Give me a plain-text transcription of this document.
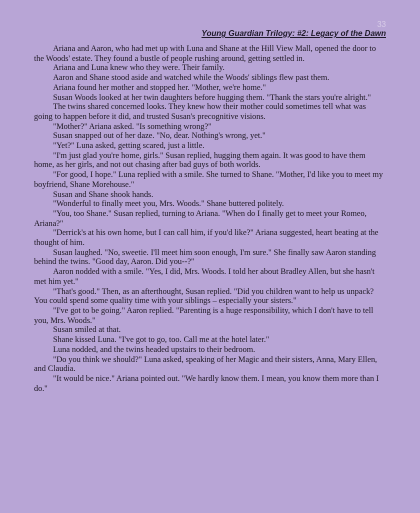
33
Young Guardian Trilogy: #2: Legacy of the Dawn

Ariana and Aaron, who had met up with Luna and Shane at the Hill View Mall, opened the door to the Woods' estate. They found a bustle of people rushing around, getting settled in.

Ariana and Luna knew who they were. Their family.

Aaron and Shane stood aside and watched while the Woods' siblings flew past them.

Ariana found her mother and stopped her. "Mother, we're home."

Susan Woods looked at her twin daughters before hugging them. "Thank the stars you're alright."

The twins shared concerned looks. They knew how their mother could sometimes tell what was going to happen before it did, and trusted Susan's precognitive visions.

"Mother?" Ariana asked. "Is something wrong?"

Susan snapped out of her daze. "No, dear. Nothing's wrong, yet."

"Yet?" Luna asked, getting scared, just a little.

"I'm just glad you're home, girls." Susan replied, hugging them again. It was good to have them home, as her girls, and not out chasing after bad guys of both worlds.

"For good, I hope." Luna replied with a smile. She turned to Shane. "Mother, I'd like you to meet my boyfriend, Shane Morehouse."

Susan and Shane shook hands.

"Wonderful to finally meet you, Mrs. Woods." Shane buttered politely.

"You, too Shane." Susan replied, turning to Ariana. "When do I finally get to meet your Romeo, Ariana?"

"Derrick's at his own home, but I can call him, if you'd like?" Ariana suggested, heart beating at the thought of him.

Susan laughed. "No, sweetie. I'll meet him soon enough, I'm sure." She finally saw Aaron standing behind the twins. "Good day, Aaron. Did you--?"

Aaron nodded with a smile. "Yes, I did, Mrs. Woods. I told her about Bradley Allen, but she hasn't met him yet."

"That's good." Then, as an afterthought, Susan replied. "Did you children want to help us unpack? You could spend some quality time with your siblings – especially your sisters."

"I've got to be going." Aaron replied. "Parenting is a huge responsibility, which I don't have to tell you, Mrs. Woods."

Susan smiled at that.

Shane kissed Luna. "I've got to go, too. Call me at the hotel later."

Luna nodded, and the twins headed upstairs to their bedroom.

"Do you think we should?" Luna asked, speaking of her Magic and their sisters, Anna, Mary Ellen, and Claudia.

"It would be nice." Ariana pointed out. "We hardly know them. I mean, you know them more than I do."
